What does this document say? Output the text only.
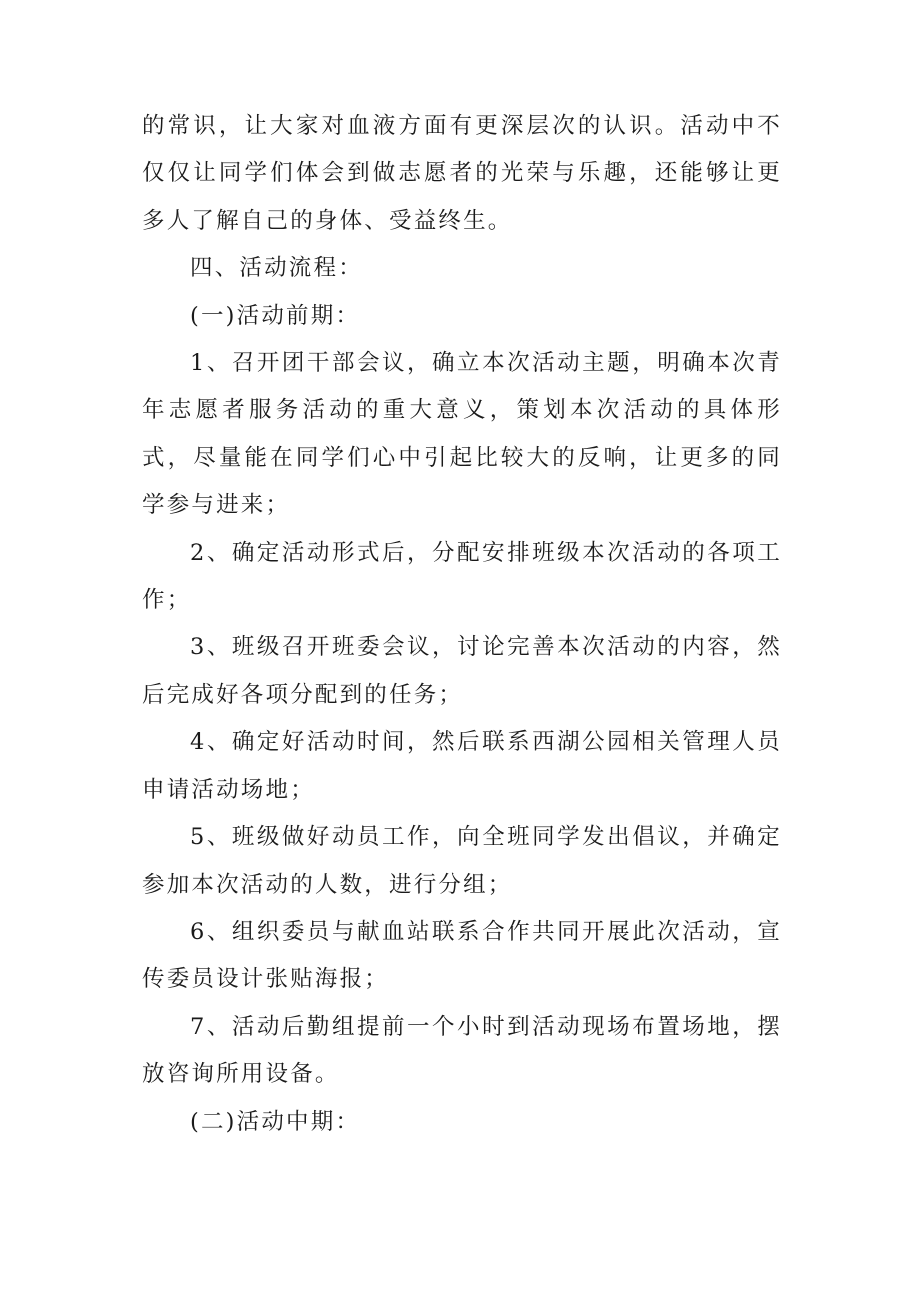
的常识，让大家对血液方面有更深层次的认识。活动中不仅仅让同学们体会到做志愿者的光荣与乐趣，还能够让更多人了解自己的身体、受益终生。

四、活动流程：

(一)活动前期：

1、召开团干部会议，确立本次活动主题，明确本次青年志愿者服务活动的重大意义，策划本次活动的具体形式，尽量能在同学们心中引起比较大的反响，让更多的同学参与进来；

2、确定活动形式后，分配安排班级本次活动的各项工作；

3、班级召开班委会议，讨论完善本次活动的内容，然后完成好各项分配到的任务；

4、确定好活动时间，然后联系西湖公园相关管理人员申请活动场地；

5、班级做好动员工作，向全班同学发出倡议，并确定参加本次活动的人数，进行分组；

6、组织委员与献血站联系合作共同开展此次活动，宣传委员设计张贴海报；

7、活动后勤组提前一个小时到活动现场布置场地，摆放咨询所用设备。

(二)活动中期：
